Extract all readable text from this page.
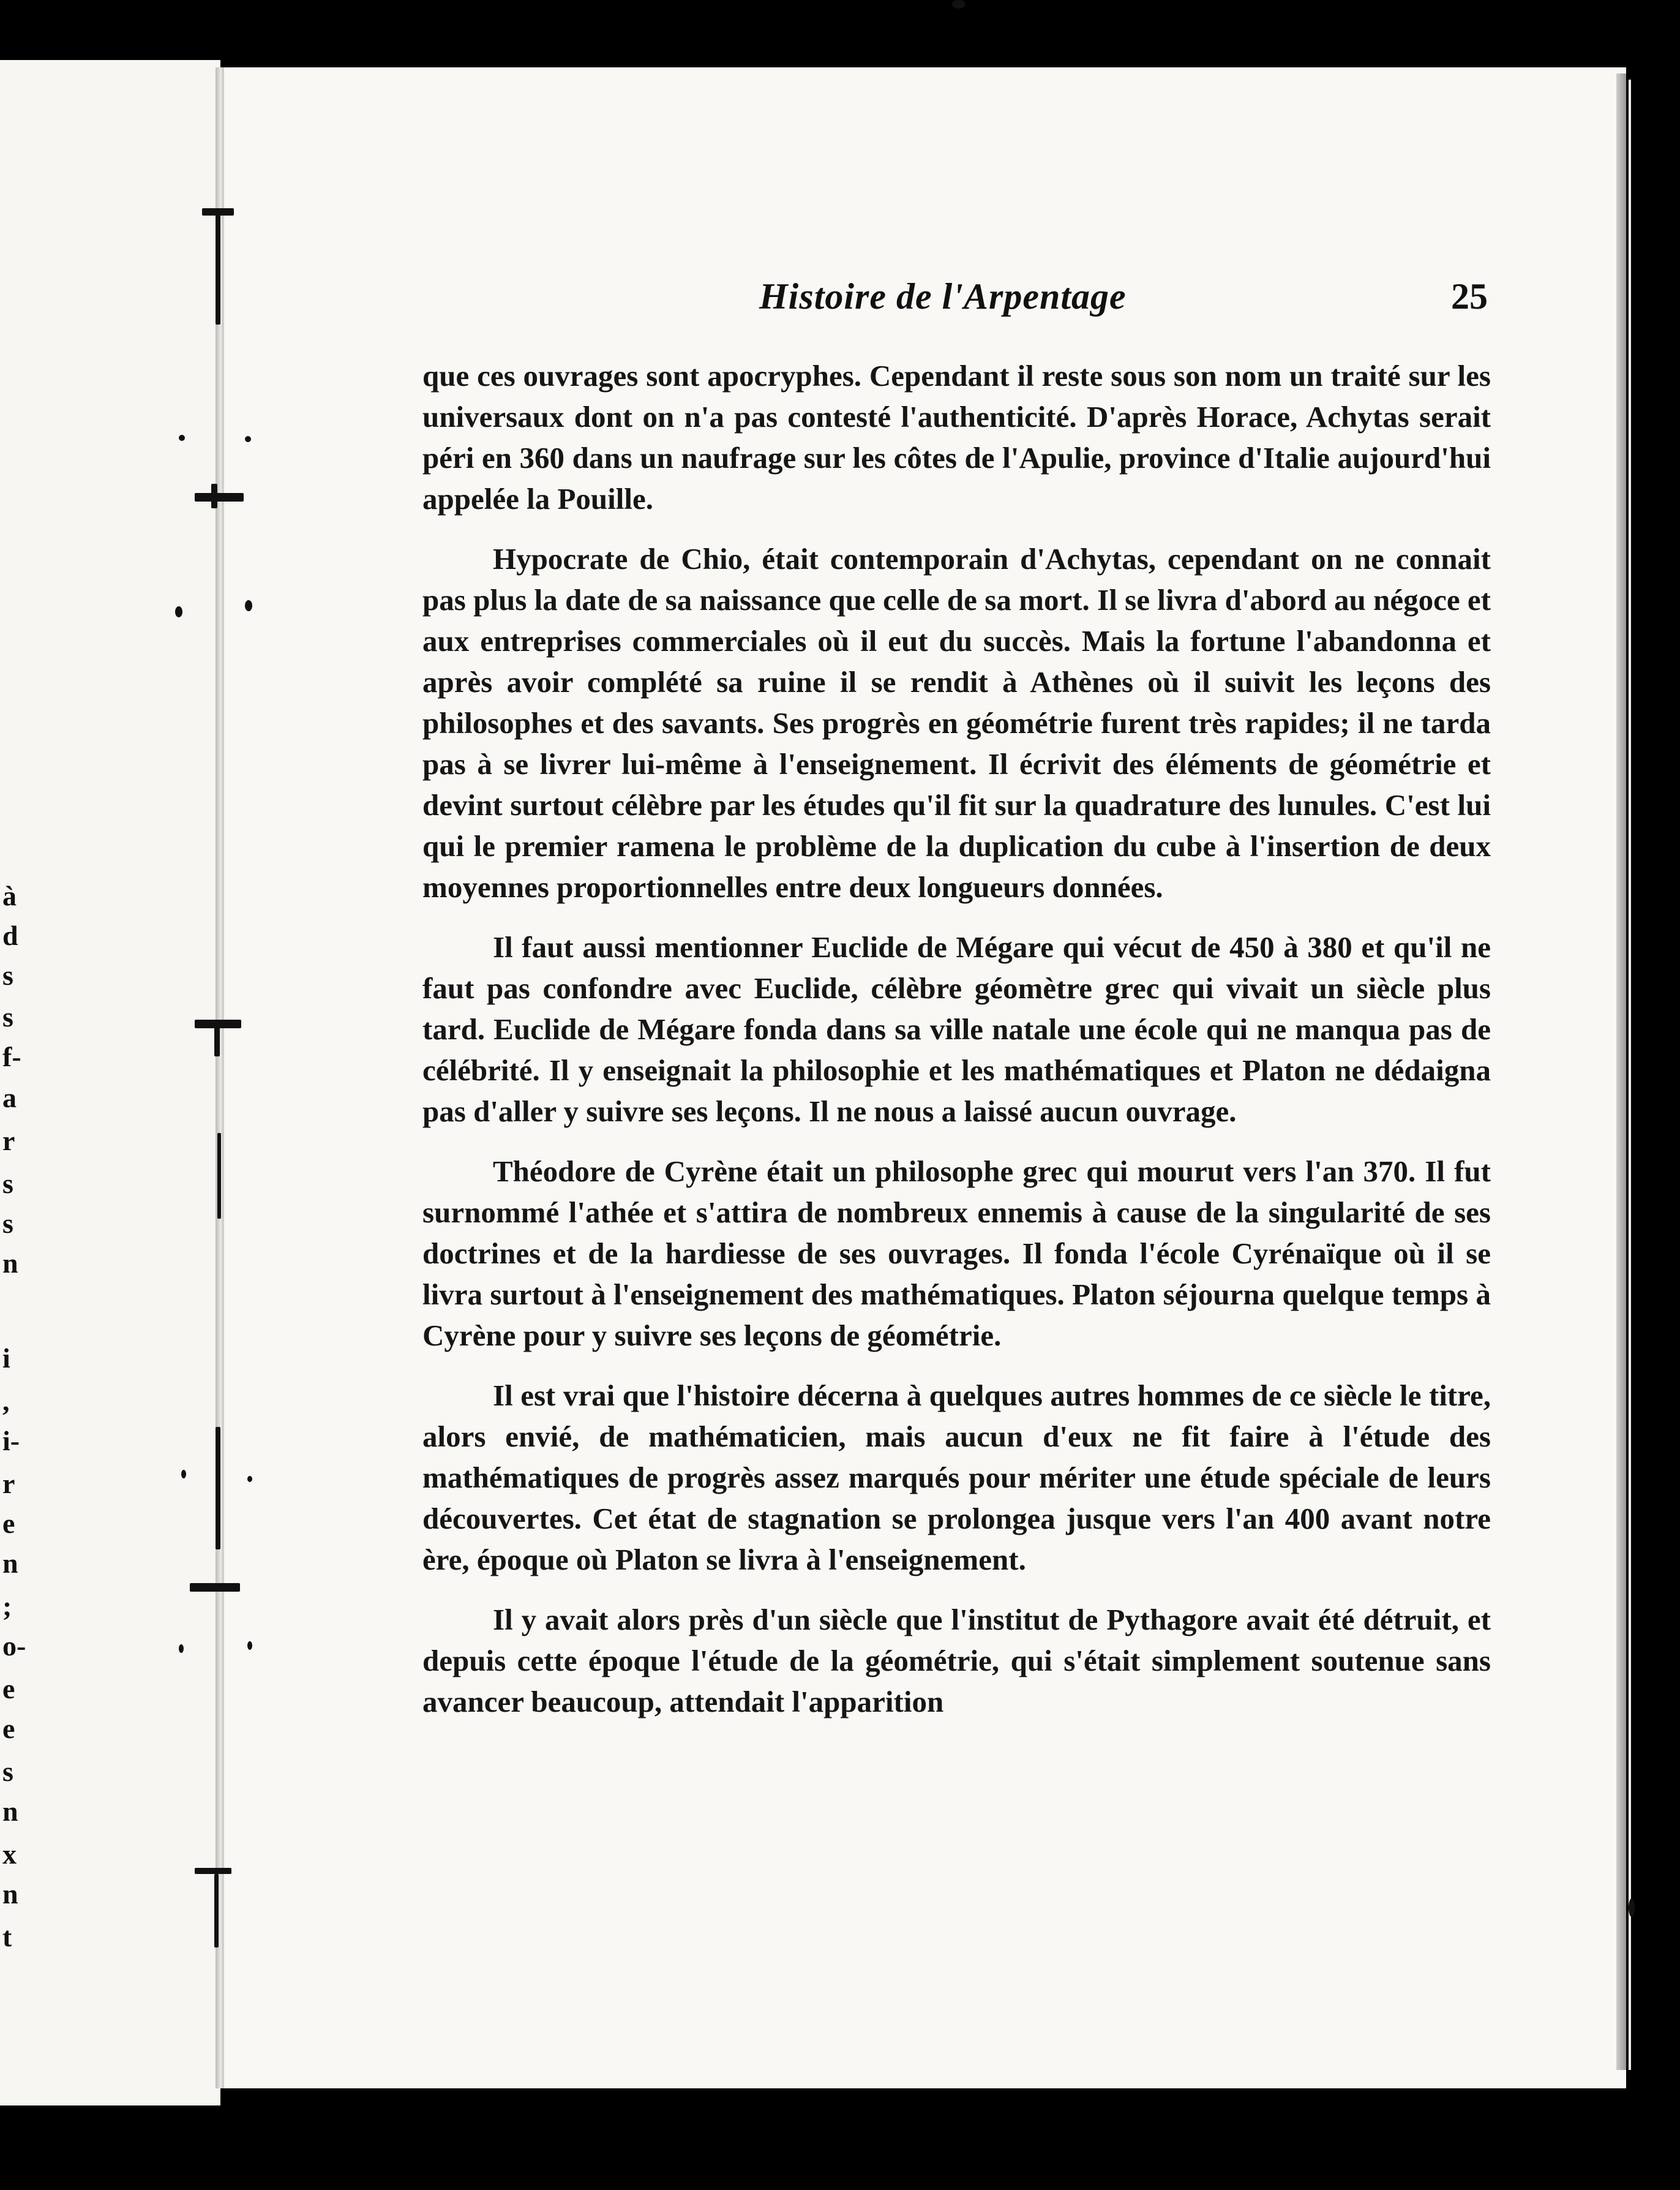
à
d
s
s
f-
a
r
s
s
n
i
,
i-
r
e
n
;
o-
e
e
s
n
x
n
t
Histoire de l'Arpentage	25

que ces ouvrages sont apocryphes. Cependant il reste sous son nom un traité sur les universaux dont on n'a pas contesté l'authenticité. D'après Horace, Achytas serait péri en 360 dans un naufrage sur les côtes de l'Apulie, province d'Italie aujourd'hui appelée la Pouille.

Hypocrate de Chio, était contemporain d'Achytas, cependant on ne connait pas plus la date de sa naissance que celle de sa mort. Il se livra d'abord au négoce et aux entreprises commerciales où il eut du succès. Mais la fortune l'abandonna et après avoir complété sa ruine il se rendit à Athènes où il suivit les leçons des philosophes et des savants. Ses progrès en géométrie furent très rapides; il ne tarda pas à se livrer lui-même à l'enseignement. Il écrivit des éléments de géométrie et devint surtout célèbre par les études qu'il fit sur la quadrature des lunules. C'est lui qui le premier ramena le problème de la duplication du cube à l'insertion de deux moyennes proportionnelles entre deux longueurs données.

Il faut aussi mentionner Euclide de Mégare qui vécut de 450 à 380 et qu'il ne faut pas confondre avec Euclide, célèbre géomètre grec qui vivait un siècle plus tard. Euclide de Mégare fonda dans sa ville natale une école qui ne manqua pas de célébrité. Il y enseignait la philosophie et les mathématiques et Platon ne dédaigna pas d'aller y suivre ses leçons. Il ne nous a laissé aucun ouvrage.

Théodore de Cyrène était un philosophe grec qui mourut vers l'an 370. Il fut surnommé l'athée et s'attira de nombreux ennemis à cause de la singularité de ses doctrines et de la hardiesse de ses ouvrages. Il fonda l'école Cyrénaïque où il se livra surtout à l'enseignement des mathématiques. Platon séjourna quelque temps à Cyrène pour y suivre ses leçons de géométrie.

Il est vrai que l'histoire décerna à quelques autres hommes de ce siècle le titre, alors envié, de mathématicien, mais aucun d'eux ne fit faire à l'étude des mathématiques de progrès assez marqués pour mériter une étude spéciale de leurs découvertes. Cet état de stagnation se prolongea jusque vers l'an 400 avant notre ère, époque où Platon se livra à l'enseignement.

Il y avait alors près d'un siècle que l'institut de Pythagore avait été détruit, et depuis cette époque l'étude de la géométrie, qui s'était simplement soutenue sans avancer beaucoup, attendait l'apparition
